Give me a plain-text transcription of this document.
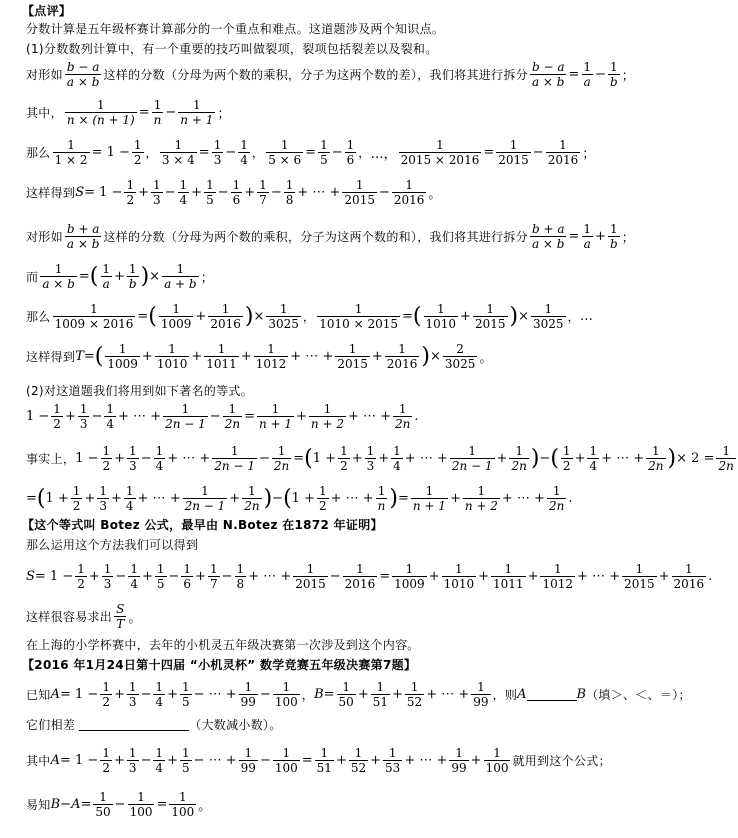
【点评】
分数计算是五年级杯赛计算部分的一个重点和难点。这道题涉及两个知识点。
(1)分数数列计算中，有一个重要的技巧叫做裂项，裂项包括裂差以及裂和。
对形如 $\frac{b - a}{a \times b}$ 这样的分数（分母为两个数的乘积，分子为这两个数的差），我们将其进行拆分 $\frac{b - a}{a \times b} = \frac{1}{a} - \frac{1}{b}$ ；
其中， $\frac{1}{n \times (n + 1)} = \frac{1}{n} - \frac{1}{n + 1}$ ；
那么 $\frac{1}{1 \times 2} = 1 - \frac{1}{2}$ ， $\frac{1}{3 \times 4} = \frac{1}{3} - \frac{1}{4}$ ， $\frac{1}{5 \times 6} = \frac{1}{5} - \frac{1}{6}$ ， …， $\frac{1}{2015 \times 2016} = \frac{1}{2015} - \frac{1}{2016}$ ；
这样得到 $S = 1 - \frac{1}{2} + \frac{1}{3} - \frac{1}{4} + \frac{1}{5} - \frac{1}{6} + \frac{1}{7} - \frac{1}{8}$ + ⋯ + $\frac{1}{2015} - \frac{1}{2016}$ 。
对形如 $\frac{b + a}{a \times b}$ 这样的分数（分母为两个数的乘积，分子为这两个数的和），我们将其进行拆分 $\frac{b + a}{a \times b} = \frac{1}{a} + \frac{1}{b}$ ；
而 $\frac{1}{a \times b}$ = ( $\frac{1}{a} + \frac{1}{b}$ ) × $\frac{1}{a + b}$ ；
那么 $\frac{1}{1009 \times 2016}$ = ( $\frac{1}{1009} + \frac{1}{2016}$ ) × $\frac{1}{3025}$ ， $\frac{1}{1010 \times 2015}$ = ( $\frac{1}{1010} + \frac{1}{2015}$ ) × $\frac{1}{3025}$ ， …
这样得到 T = ( $\frac{1}{1009} + \frac{1}{1010} + \frac{1}{1011} + \frac{1}{1012}$ + ⋯ + $\frac{1}{2015} + \frac{1}{2016}$ ) × $\frac{2}{3025}$ 。
(2)对这道题我们将用到如下著名的等式。
$1 - \frac{1}{2} + \frac{1}{3} - \frac{1}{4}$ + ⋯ + $\frac{1}{2n - 1} - \frac{1}{2n} = \frac{1}{n + 1} + \frac{1}{n + 2}$ + ⋯ + $\frac{1}{2n}$ .
事实上， $1 - \frac{1}{2} + \frac{1}{3} - \frac{1}{4}$ + ⋯ + $\frac{1}{2n - 1} - \frac{1}{2n}$ = ( $1 + \frac{1}{2} + \frac{1}{3} + \frac{1}{4}$ + ⋯ + $\frac{1}{2n - 1} + \frac{1}{2n}$ ) − ( $\frac{1}{2} + \frac{1}{4}$ + ⋯ + $\frac{1}{2n}$ ) × $2 = \frac{1}{2n}$
= ( $1 + \frac{1}{2} + \frac{1}{3} + \frac{1}{4}$ + ⋯ + $\frac{1}{2n - 1} + \frac{1}{2n}$ ) − ( $1 + \frac{1}{2}$ + ⋯ + $\frac{1}{n}$ ) = $\frac{1}{n + 1} + \frac{1}{n + 2}$ + ⋯ + $\frac{1}{2n}$ .
【这个等式叫 Botez 公式，最早由 N.Botez 在1872 年证明】
那么运用这个方法我们可以得到
$S = 1 - \frac{1}{2} + \frac{1}{3} - \frac{1}{4} + \frac{1}{5} - \frac{1}{6} + \frac{1}{7} - \frac{1}{8}$ + ⋯ + $\frac{1}{2015} - \frac{1}{2016} = \frac{1}{1009} + \frac{1}{1010} + \frac{1}{1011} + \frac{1}{1012}$ + ⋯ + $\frac{1}{2015} + \frac{1}{2016}$ .
这样很容易求出 $\frac{S}{T}$ 。
在上海的小学杯赛中，去年的小机灵五年级决赛第一次涉及到这个内容。
【2016 年1月24日第十四届 “小机灵杯” 数学竞赛五年级决赛第7题】
已知 $A = 1 - \frac{1}{2} + \frac{1}{3} - \frac{1}{4} + \frac{1}{5}$ − ⋯ + $\frac{1}{99} - \frac{1}{100}$ ， $B = \frac{1}{50} + \frac{1}{51} + \frac{1}{52}$ + ⋯ + $\frac{1}{99}$ ，则 A	B （填＞、＜、＝）；
它们相差	（大数减小数）。
其中 $A = 1 - \frac{1}{2} + \frac{1}{3} - \frac{1}{4} + \frac{1}{5}$ − ⋯ + $\frac{1}{99} - \frac{1}{100} = \frac{1}{51} + \frac{1}{52} + \frac{1}{53}$ + ⋯ + $\frac{1}{99} + \frac{1}{100}$ 就用到这个公式；
易知 $B - A = \frac{1}{50} - \frac{1}{100} = \frac{1}{100}$ 。
